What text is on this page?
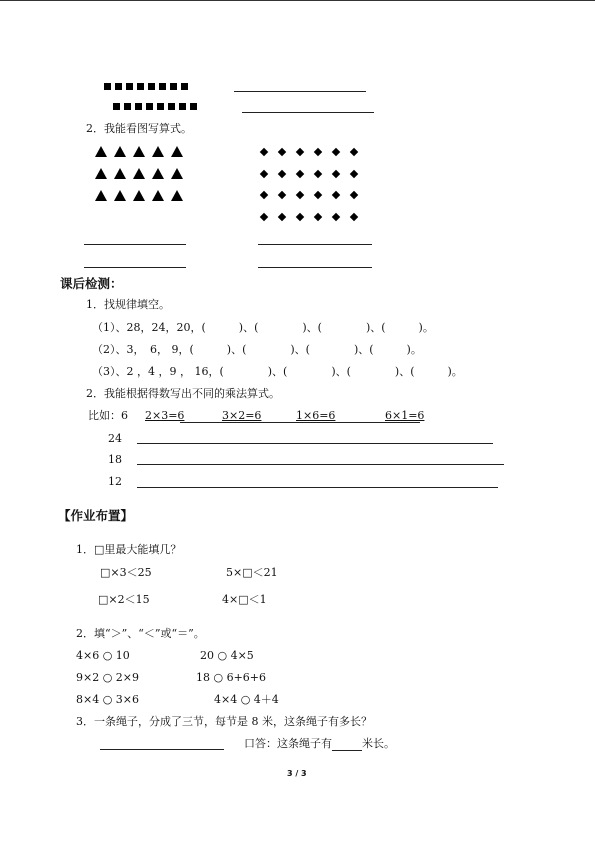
2．我能看图写算式。
课后检测：
1．找规律填空。
（1）、28，24，20，(　　　)、(　　　　)、(　　　　)、(　　　)。
（2）、3，　6， 9，(　　　)、(　　　　)、(　　　　)、(　　　)。
（3）、2 ，4 ，9 ， 16，(　　　　)、(　　　　)、(　　　　)、(　　　)。
2．我能根据得数写出不同的乘法算式。
比如：6 2×3=6	3×2=6	1×6=6	6×1=6
24
18
12
【作业布置】
1．□里最大能填几？
□×3＜25	5×□＜21
□×2＜15	4×□＜1
2．填“＞”、“＜”或“＝”。
4×6 ○ 10	20 ○ 4×5
9×2 ○ 2×9	18 ○ 6+6+6
8×4 ○ 3×6	4×4 ○ 4＋4
3．一条绳子，分成了三节，每节是 8 米，这条绳子有多长？
口答：这条绳子有	米长。
3 / 3
